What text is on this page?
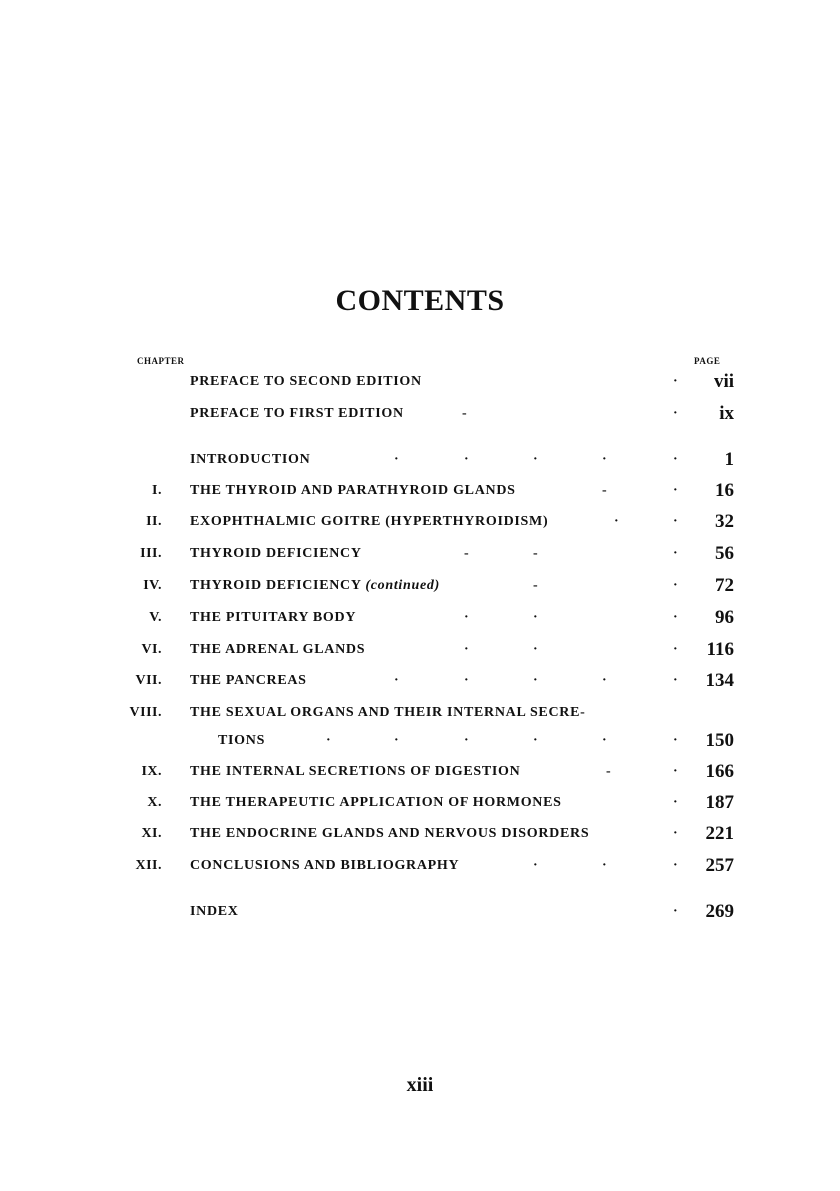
CONTENTS
CHAPTER	PAGE
PREFACE TO SECOND EDITION	· vii
PREFACE TO FIRST EDITION	-	· ix
INTRODUCTION	·	·	·	·	· 1
I. THE THYROID AND PARATHYROID GLANDS	-	· 16
II. EXOPHTHALMIC GOITRE (HYPERTHYROIDISM)	·	· 32
III. THYROID DEFICIENCY	-	-	· 56
IV. THYROID DEFICIENCY (continued)	-	· 72
V. THE PITUITARY BODY	·	·	· 96
VI. THE ADRENAL GLANDS	·	·	· 116
VII. THE PANCREAS	·	·	·	·	· 134
VIII. THE SEXUAL ORGANS AND THEIR INTERNAL SECRE-
TIONS	·	·	·	·	·	· 150
IX. THE INTERNAL SECRETIONS OF DIGESTION	-	· 166
X. THE THERAPEUTIC APPLICATION OF HORMONES	· 187
XI. THE ENDOCRINE GLANDS AND NERVOUS DISORDERS	· 221
XII. CONCLUSIONS AND BIBLIOGRAPHY	·	·	· 257
INDEX	· 269
xiii
